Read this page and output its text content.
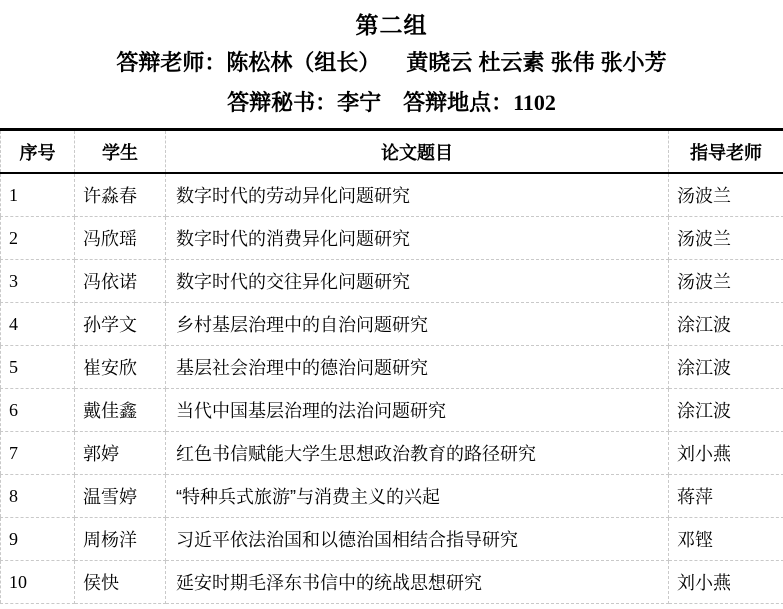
第二组
答辩老师：陈松林（组长） 黄晓云 杜云素 张伟 张小芳
答辩秘书：李宁 答辩地点：1102
序号	学生	论文题目	指导老师
1	许淼春	数字时代的劳动异化问题研究	汤波兰
2	冯欣瑶	数字时代的消费异化问题研究	汤波兰
3	冯依诺	数字时代的交往异化问题研究	汤波兰
4	孙学文	乡村基层治理中的自治问题研究	涂江波
5	崔安欣	基层社会治理中的德治问题研究	涂江波
6	戴佳鑫	当代中国基层治理的法治问题研究	涂江波
7	郭婷	红色书信赋能大学生思想政治教育的路径研究	刘小燕
8	温雪婷	“特种兵式旅游”与消费主义的兴起	蒋萍
9	周杨洋	习近平依法治国和以德治国相结合指导研究	邓铿
10	侯快	延安时期毛泽东书信中的统战思想研究	刘小燕
